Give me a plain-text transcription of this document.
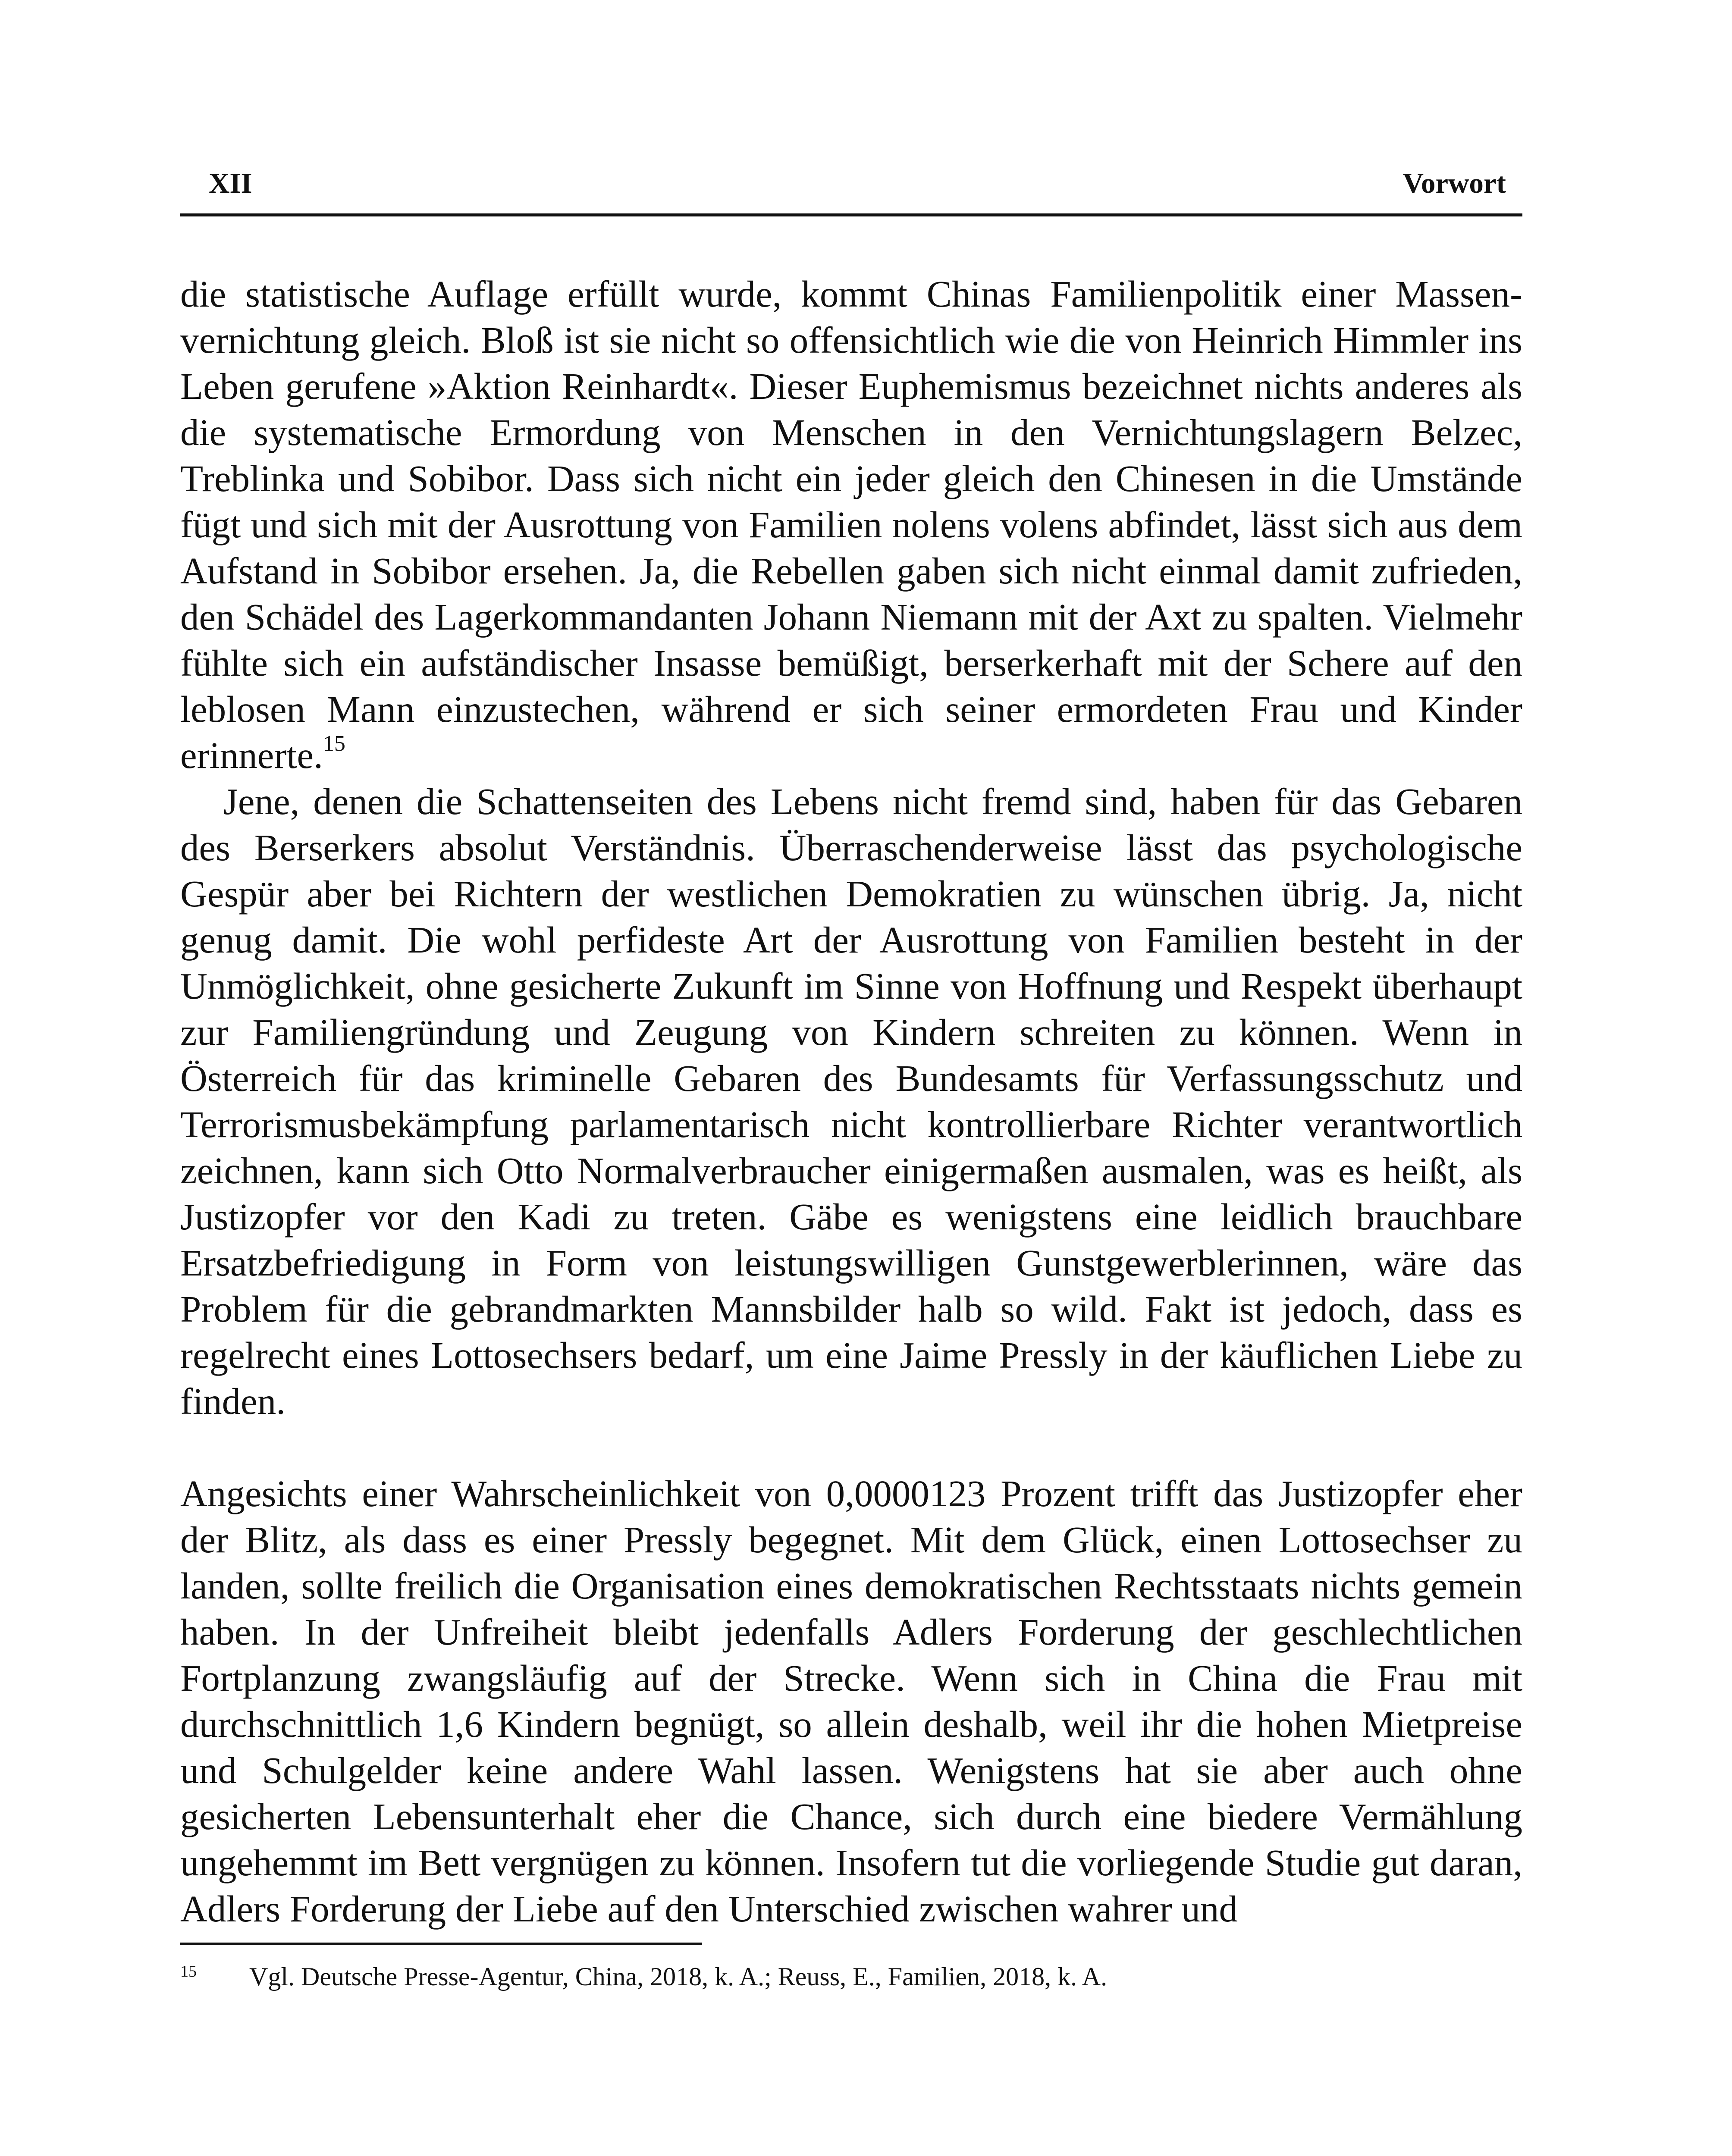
XII	Vorwort

die statistische Auflage erfüllt wurde, kommt Chinas Familienpolitik einer Massenvernichtung gleich. Bloß ist sie nicht so offensichtlich wie die von Heinrich Himmler ins Leben gerufene »Aktion Reinhardt«. Dieser Euphemismus bezeichnet nichts anderes als die systematische Ermordung von Menschen in den Vernichtungslagern Belzec, Treblinka und Sobibor. Dass sich nicht ein jeder gleich den Chinesen in die Umstände fügt und sich mit der Ausrottung von Familien nolens volens abfindet, lässt sich aus dem Aufstand in Sobibor ersehen. Ja, die Rebellen gaben sich nicht einmal damit zufrieden, den Schädel des Lagerkommandanten Johann Niemann mit der Axt zu spalten. Vielmehr fühlte sich ein aufständischer Insasse bemüßigt, berserkerhaft mit der Schere auf den leblosen Mann einzustechen, während er sich seiner ermordeten Frau und Kinder erinnerte.$^{15}$

Jene, denen die Schattenseiten des Lebens nicht fremd sind, haben für das Gebaren des Berserkers absolut Verständnis. Überraschenderweise lässt das psychologische Gespür aber bei Richtern der westlichen Demokratien zu wünschen übrig. Ja, nicht genug damit. Die wohl perfideste Art der Ausrottung von Familien besteht in der Unmöglichkeit, ohne gesicherte Zukunft im Sinne von Hoffnung und Respekt überhaupt zur Familiengründung und Zeugung von Kindern schreiten zu können. Wenn in Österreich für das kriminelle Gebaren des Bundesamts für Verfassungsschutz und Terrorismusbekämpfung parlamentarisch nicht kontrollierbare Richter verantwortlich zeichnen, kann sich Otto Normalverbraucher einigermaßen ausmalen, was es heißt, als Justizopfer vor den Kadi zu treten. Gäbe es wenigstens eine leidlich brauchbare Ersatzbefriedigung in Form von leistungswilligen Gunstgewerblerinnen, wäre das Problem für die gebrandmarkten Mannsbilder halb so wild. Fakt ist jedoch, dass es regelrecht eines Lottosechsers bedarf, um eine Jaime Pressly in der käuflichen Liebe zu finden.

Angesichts einer Wahrscheinlichkeit von 0,0000123 Prozent trifft das Justizopfer eher der Blitz, als dass es einer Pressly begegnet. Mit dem Glück, einen Lottosechser zu landen, sollte freilich die Organisation eines demokratischen Rechtsstaats nichts gemein haben. In der Unfreiheit bleibt jedenfalls Adlers Forderung der geschlechtlichen Fortplanzung zwangsläufig auf der Strecke. Wenn sich in China die Frau mit durchschnittlich 1,6 Kindern begnügt, so allein deshalb, weil ihr die hohen Mietpreise und Schulgelder keine andere Wahl lassen. Wenigstens hat sie aber auch ohne gesicherten Lebensunterhalt eher die Chance, sich durch eine biedere Vermählung ungehemmt im Bett vergnügen zu können. Insofern tut die vorliegende Studie gut daran, Adlers Forderung der Liebe auf den Unterschied zwischen wahrer und

15	Vgl. Deutsche Presse-Agentur, China, 2018, k. A.; Reuss, E., Familien, 2018, k. A.
